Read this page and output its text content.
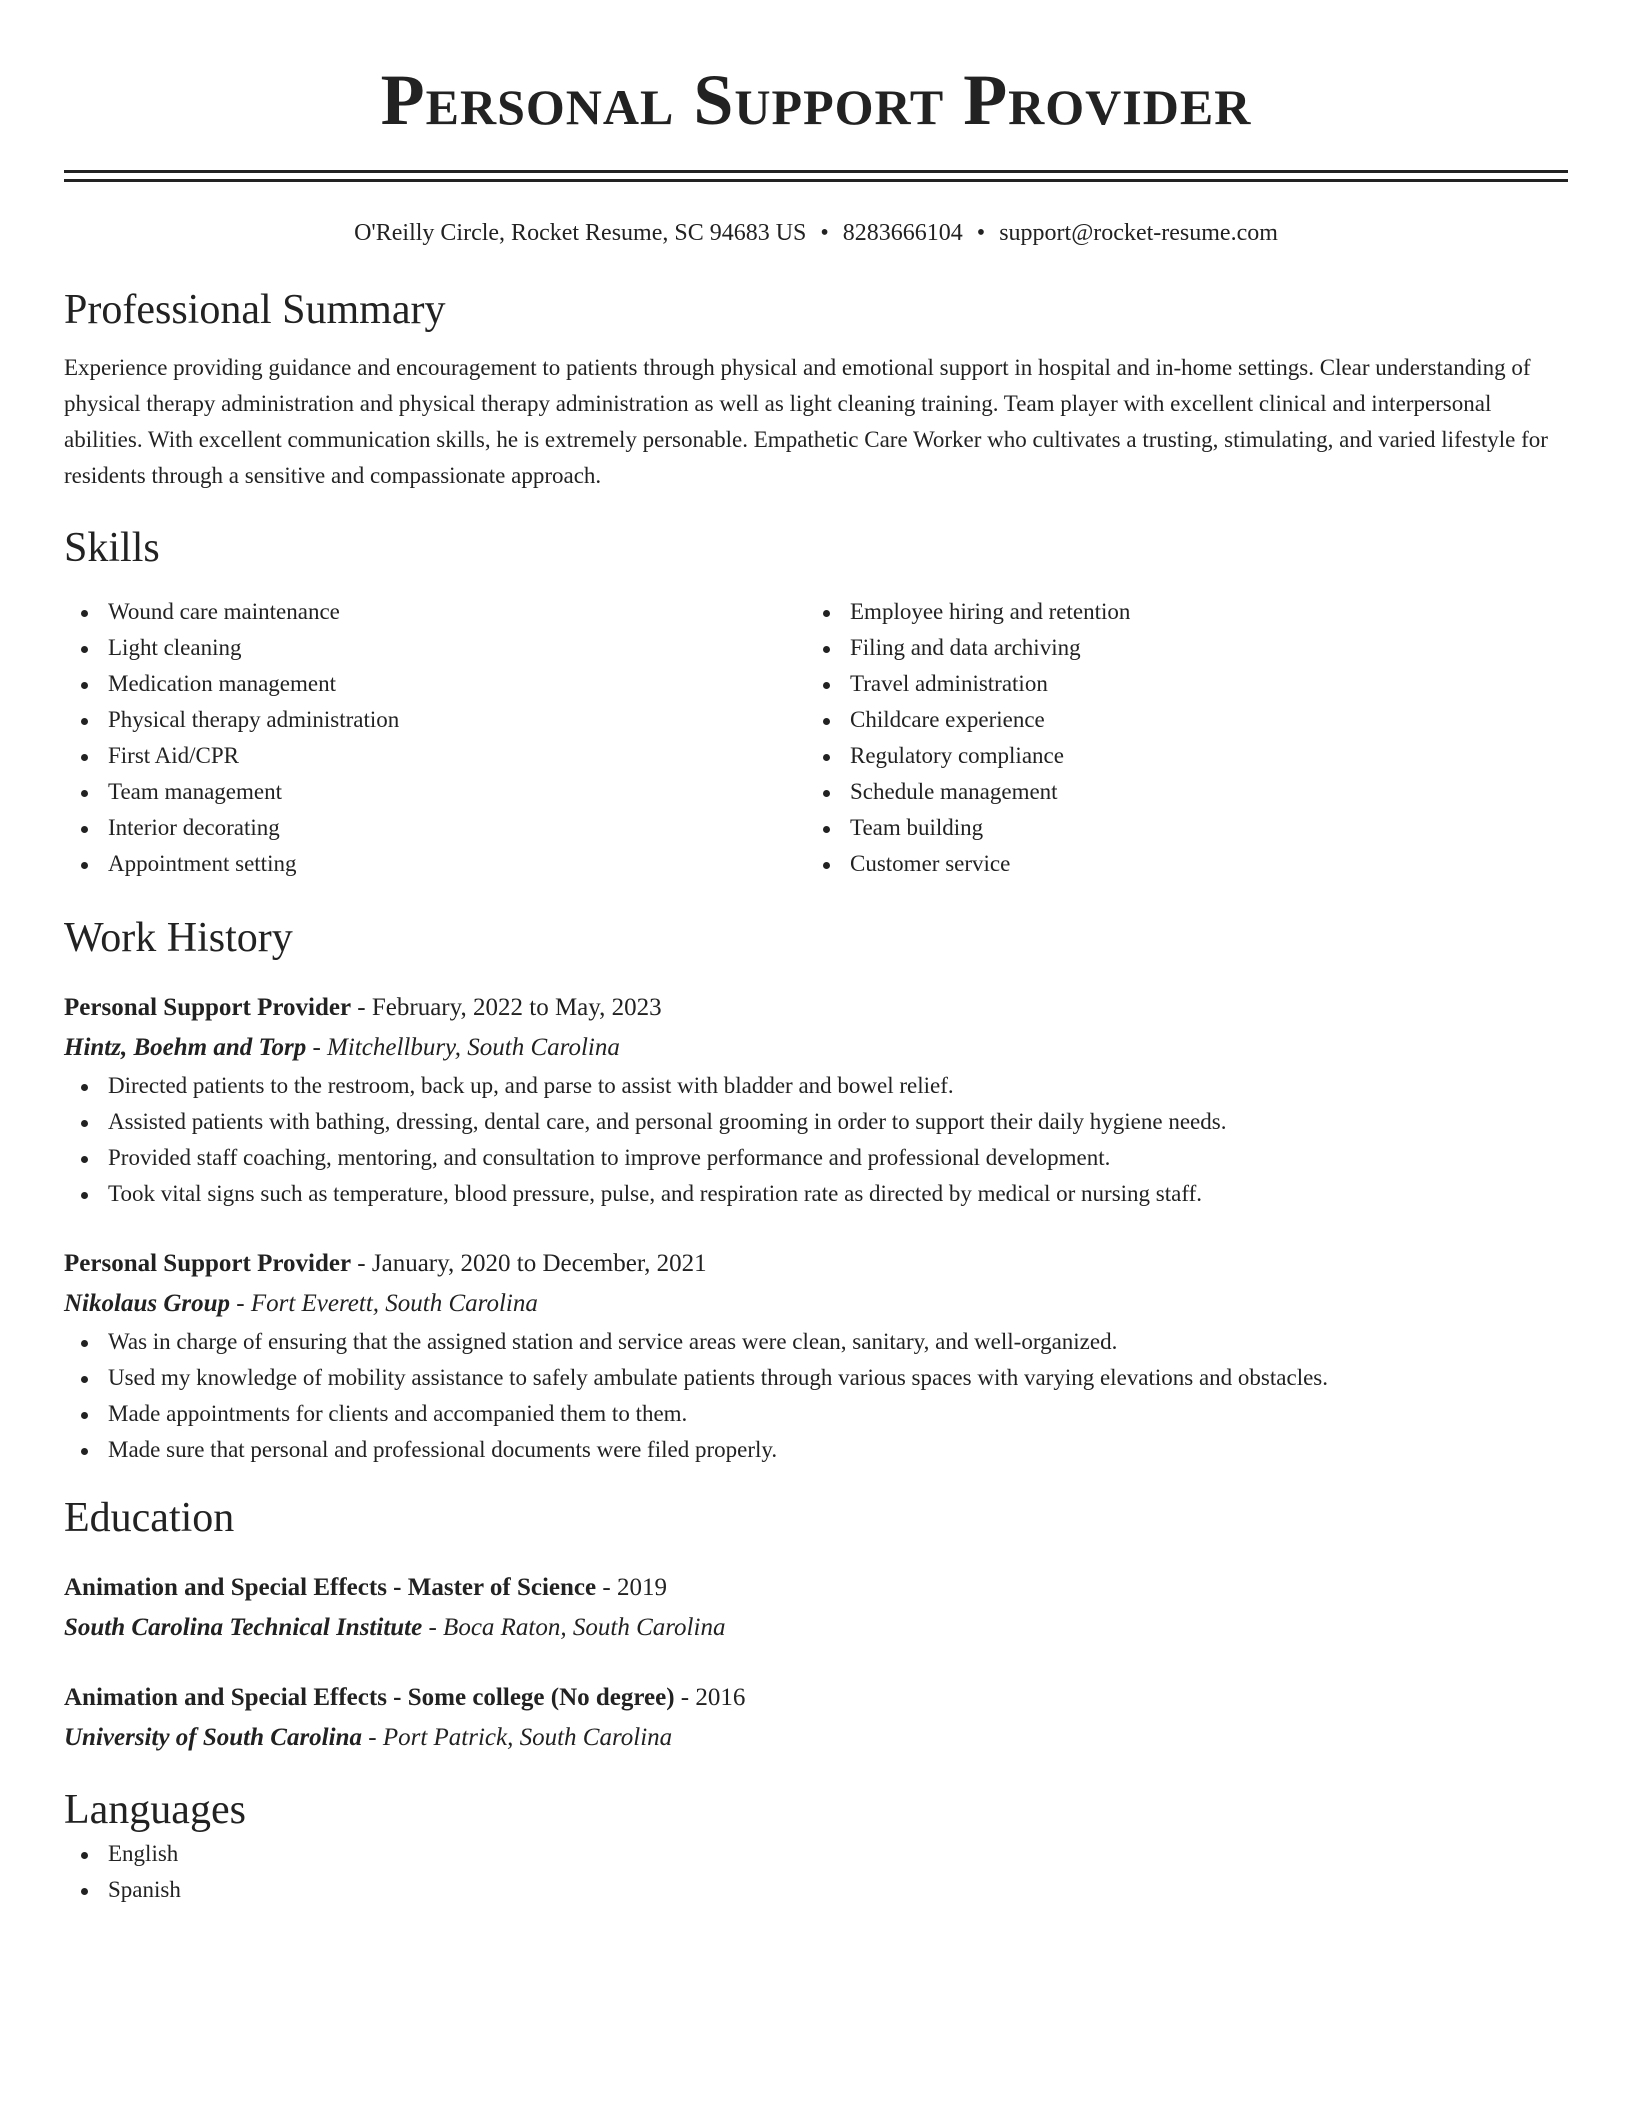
Personal Support Provider
O'Reilly Circle, Rocket Resume, SC 94683 US • 8283666104 • support@rocket-resume.com
Professional Summary
Experience providing guidance and encouragement to patients through physical and emotional support in hospital and in-home settings. Clear understanding of physical therapy administration and physical therapy administration as well as light cleaning training. Team player with excellent clinical and interpersonal abilities. With excellent communication skills, he is extremely personable. Empathetic Care Worker who cultivates a trusting, stimulating, and varied lifestyle for residents through a sensitive and compassionate approach.
Skills
Wound care maintenance
Light cleaning
Medication management
Physical therapy administration
First Aid/CPR
Team management
Interior decorating
Appointment setting
Employee hiring and retention
Filing and data archiving
Travel administration
Childcare experience
Regulatory compliance
Schedule management
Team building
Customer service
Work History
Personal Support Provider - February, 2022 to May, 2023
Hintz, Boehm and Torp - Mitchellbury, South Carolina
Directed patients to the restroom, back up, and parse to assist with bladder and bowel relief.
Assisted patients with bathing, dressing, dental care, and personal grooming in order to support their daily hygiene needs.
Provided staff coaching, mentoring, and consultation to improve performance and professional development.
Took vital signs such as temperature, blood pressure, pulse, and respiration rate as directed by medical or nursing staff.
Personal Support Provider - January, 2020 to December, 2021
Nikolaus Group - Fort Everett, South Carolina
Was in charge of ensuring that the assigned station and service areas were clean, sanitary, and well-organized.
Used my knowledge of mobility assistance to safely ambulate patients through various spaces with varying elevations and obstacles.
Made appointments for clients and accompanied them to them.
Made sure that personal and professional documents were filed properly.
Education
Animation and Special Effects - Master of Science - 2019
South Carolina Technical Institute - Boca Raton, South Carolina
Animation and Special Effects - Some college (No degree) - 2016
University of South Carolina - Port Patrick, South Carolina
Languages
English
Spanish
